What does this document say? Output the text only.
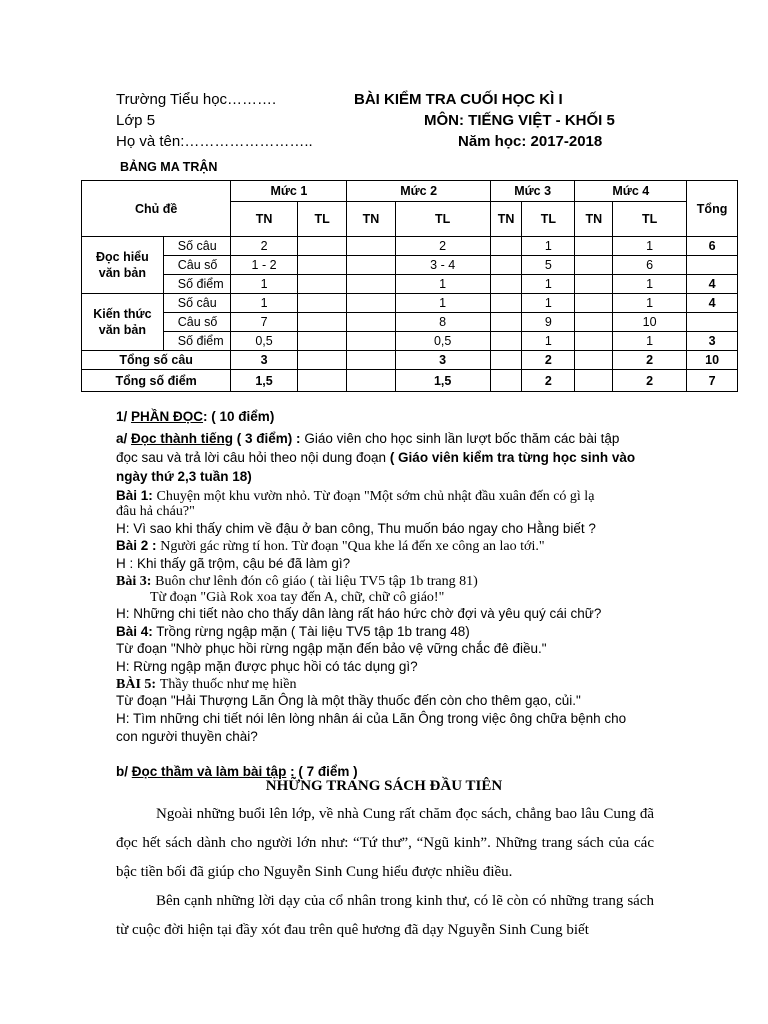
Trường Tiểu học……….
Lớp 5
Họ và tên:……………………..
BÀI KIỂM TRA CUỐI HỌC KÌ I
MÔN: TIẾNG VIỆT - KHỐI 5
Năm học: 2017-2018
BẢNG MA TRẬN
Chủ đề		Mức 1		Mức 2		Mức 3		Mức 4		Tổng
		TN	TL	TN	TL	TN	TL	TN	TL	
Đọc hiểu văn bản	Số câu	2			2		1		1	6
	Câu số	1 - 2			3 - 4		5		6	
	Số điểm	1			1		1		1	4
Kiến thức văn bản	Số câu	1			1		1		1	4
	Câu số	7			8		9		10	
	Số điểm	0,5			0,5		1		1	3
Tổng số câu		3			3		2		2	10
Tổng số điểm		1,5			1,5		2		2	7
1/ PHẦN ĐỌC: ( 10 điểm)
a/ Đọc thành tiếng ( 3 điểm) : Giáo viên cho học sinh lần lượt bốc thăm các bài tập
đọc sau và trả lời câu hỏi theo nội dung đoạn ( Giáo viên kiểm tra từng học sinh vào
ngày thứ 2,3 tuần 18)
Bài 1: Chuyện một khu vườn nhỏ. Từ đoạn "Một sớm chủ nhật đầu xuân đến có gì lạ
đâu hả cháu?"
H: Vì sao khi thấy chim về đậu ở ban công, Thu muốn báo ngay cho Hằng biết ?
Bài 2 : Người gác rừng tí hon. Từ đoạn "Qua khe lá đến xe công an lao tới."
H : Khi thấy gã trộm, cậu bé đã làm gì?
Bài 3: Buôn chư lênh đón cô giáo ( tài liệu TV5 tập 1b trang 81)
Từ đoạn "Già Rok xoa tay đến A, chữ, chữ cô giáo!"
H: Những chi tiết nào cho thấy dân làng rất háo hức chờ đợi và yêu quý cái chữ?
Bài 4: Trồng rừng ngập mặn ( Tài liệu TV5 tập 1b trang 48)
Từ đoạn "Nhờ phục hồi rừng ngập mặn đến bảo vệ vững chắc đê điều."
H: Rừng ngập mặn được phục hồi có tác dụng gì?
BÀI 5: Thầy thuốc như mẹ hiền
Từ đoạn "Hải Thượng Lãn Ông là một thầy thuốc đến còn cho thêm gạo, củi."
H: Tìm những chi tiết nói lên lòng nhân ái của Lãn Ông trong việc ông chữa bệnh cho
con người thuyền chài?
b/ Đọc thầm và làm bài tập : ( 7 điểm )
NHỮNG TRANG SÁCH ĐẦU TIÊN

Ngoài những buổi lên lớp, về nhà Cung rất chăm đọc sách, chẳng bao lâu Cung đã đọc hết sách dành cho người lớn như: “Tứ thư”, “Ngũ kinh”. Những trang sách của các bậc tiền bối đã giúp cho Nguyễn Sinh Cung hiểu được nhiều điều.

Bên cạnh những lời dạy của cổ nhân trong kinh thư, có lẽ còn có những trang sách từ cuộc đời hiện tại đầy xót đau trên quê hương đã dạy Nguyễn Sinh Cung biết
